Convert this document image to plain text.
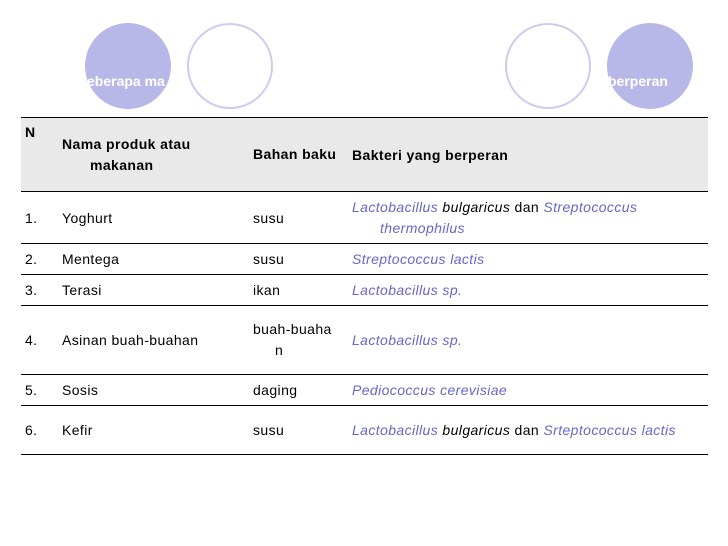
mentas
eberapa ma	an mikroo	berperan
N	Nama produk atau makanan	Bahan baku	Bakteri yang berperan
1.	Yoghurt	susu	Lactobacillus bulgaricus dan Streptococcus thermophilus

2.	Mentega	susu	Streptococcus lactis
3.	Terasi	ikan	Lactobacillus sp.
4.	Asinan buah-buahan	buah-buahan	Lactobacillus sp.
5.	Sosis	daging	Pediococcus cerevisiae
6.	Kefir	susu	Lactobacillus bulgaricus dan Srteptococcus lactis
